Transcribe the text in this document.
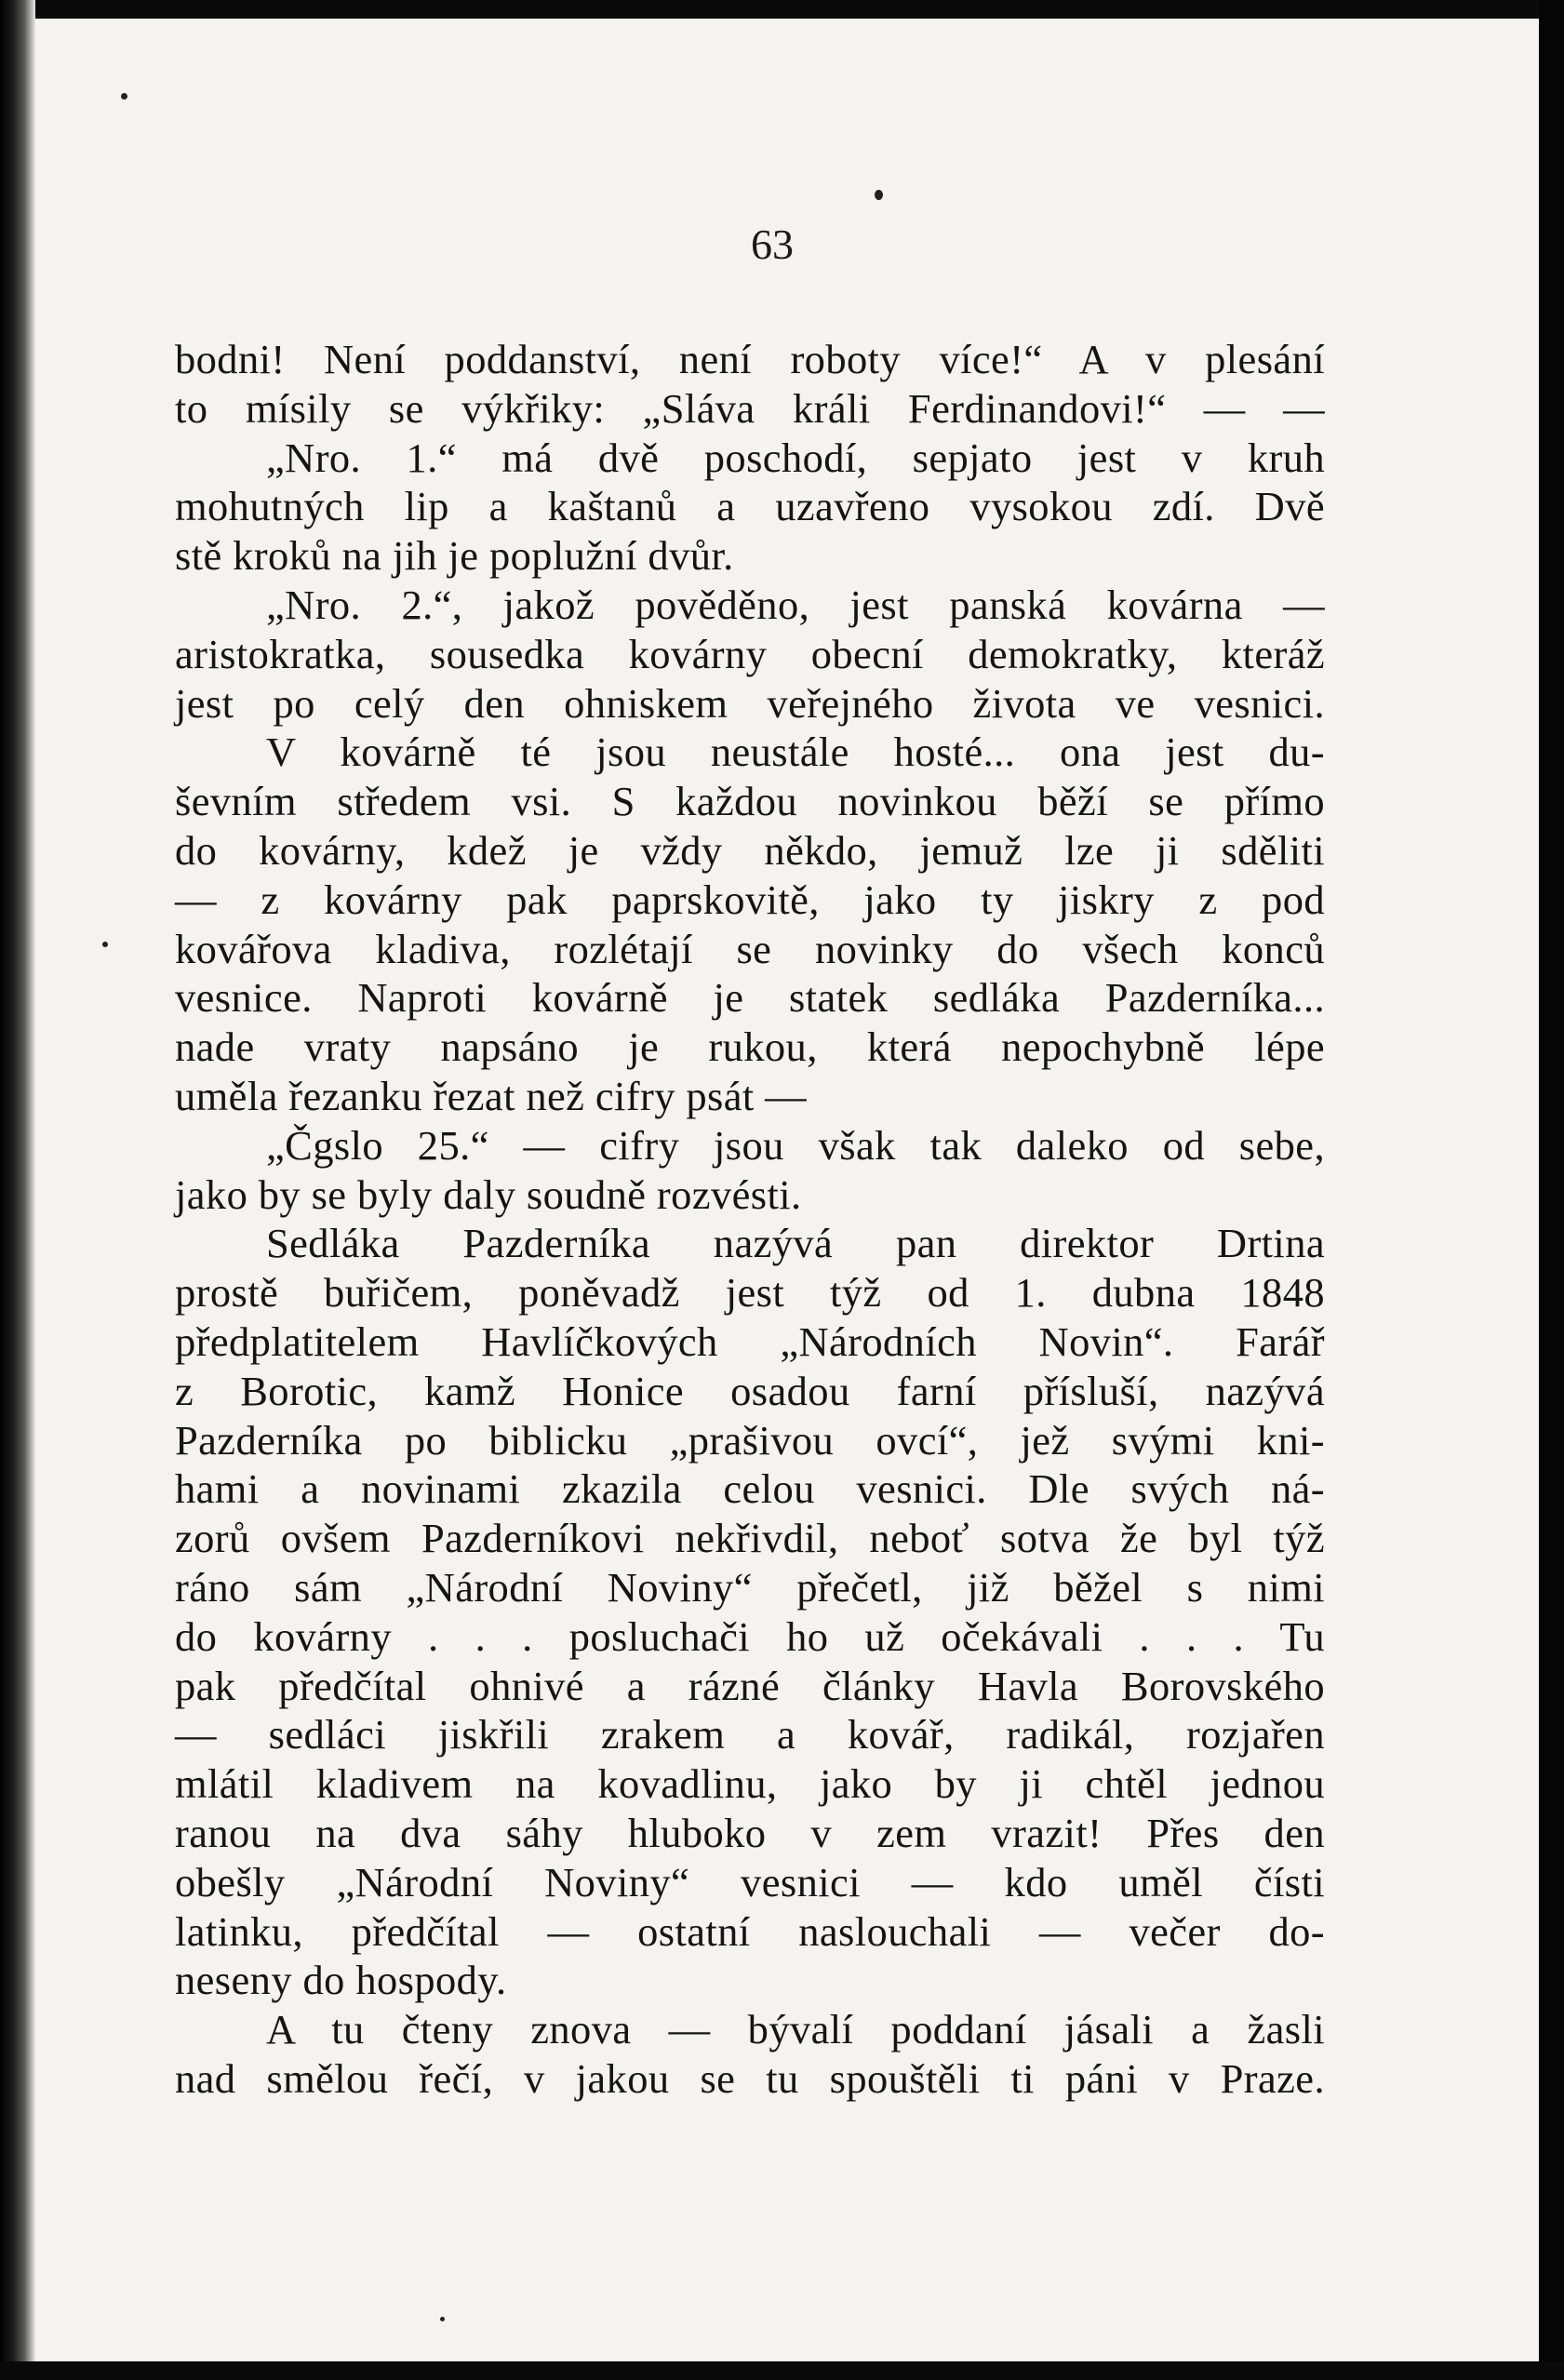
63
bodni! Není poddanství, není roboty více!“ A v plesání
to mísily se výkřiky: „Sláva králi Ferdinandovi!“ — —
„Nro. 1.“ má dvě poschodí, sepjato jest v kruh
mohutných lip a kaštanů a uzavřeno vysokou zdí. Dvě
stě kroků na jih je poplužní dvůr.
„Nro. 2.“, jakož pověděno, jest panská kovárna —
aristokratka, sousedka kovárny obecní demokratky, kteráž
jest po celý den ohniskem veřejného života ve vesnici.
V kovárně té jsou neustále hosté... ona jest du-
ševním středem vsi. S každou novinkou běží se přímo
do kovárny, kdež je vždy někdo, jemuž lze ji sděliti
— z kovárny pak paprskovitě, jako ty jiskry z pod
kovářova kladiva, rozlétají se novinky do všech konců
vesnice. Naproti kovárně je statek sedláka Pazderníka...
nade vraty napsáno je rukou, která nepochybně lépe
uměla řezanku řezat než cifry psát —
„Čgslo 25.“ — cifry jsou však tak daleko od sebe,
jako by se byly daly soudně rozvésti.
Sedláka Pazderníka nazývá pan direktor Drtina
prostě buřičem, poněvadž jest týž od 1. dubna 1848
předplatitelem Havlíčkových „Národních Novin“. Farář
z Borotic, kamž Honice osadou farní přísluší, nazývá
Pazderníka po biblicku „prašivou ovcí“, jež svými kni-
hami a novinami zkazila celou vesnici. Dle svých ná-
zorů ovšem Pazderníkovi nekřivdil, neboť sotva že byl týž
ráno sám „Národní Noviny“ přečetl, již běžel s nimi
do kovárny . . . posluchači ho už očekávali . . . Tu
pak předčítal ohnivé a rázné články Havla Borovského
— sedláci jiskřili zrakem a kovář, radikál, rozjařen
mlátil kladivem na kovadlinu, jako by ji chtěl jednou
ranou na dva sáhy hluboko v zem vrazit! Přes den
obešly „Národní Noviny“ vesnici — kdo uměl čísti
latinku, předčítal — ostatní naslouchali — večer do-
neseny do hospody.
A tu čteny znova — bývalí poddaní jásali a žasli
nad smělou řečí, v jakou se tu spouštěli ti páni v Praze.
